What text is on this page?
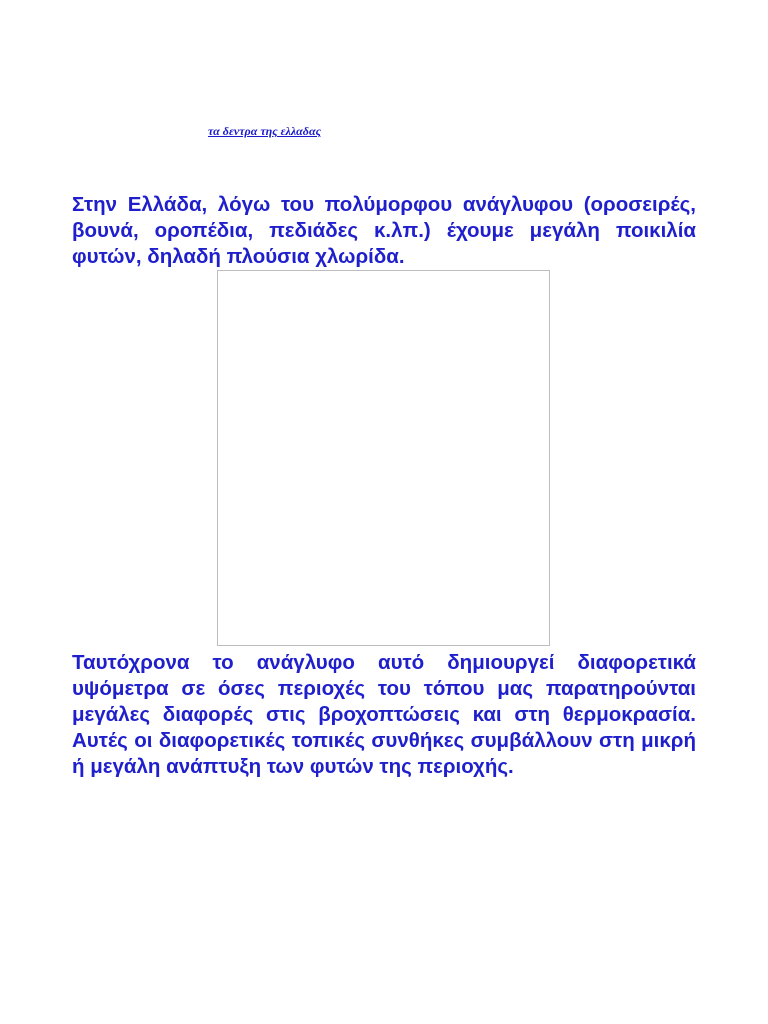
τα δεντρα της ελλαδας

Στην Ελλάδα, λόγω του πολύμορφου ανάγλυφου (οροσειρές, βουνά, οροπέδια, πεδιάδες κ.λπ.) έχουμε μεγάλη ποικιλία φυτών, δηλαδή πλούσια χλωρίδα.

Ταυτόχρονα το ανάγλυφο αυτό δημιουργεί διαφορετικά υψόμετρα σε όσες περιοχές του τόπου μας παρατηρούνται μεγάλες διαφορές στις βροχοπτώσεις και στη θερμοκρασία. Αυτές οι διαφορετικές τοπικές συνθήκες συμβάλλουν στη μικρή ή μεγάλη ανάπτυξη των φυτών της περιοχής.
